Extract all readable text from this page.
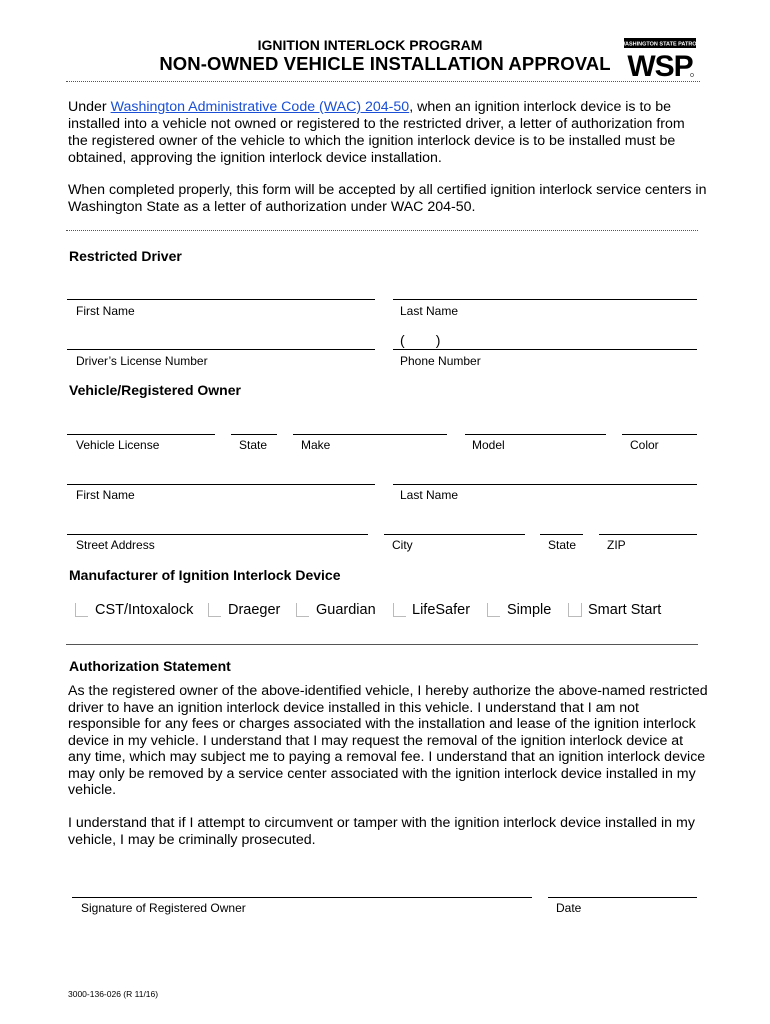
IGNITION INTERLOCK PROGRAM
NON-OWNED VEHICLE INSTALLATION APPROVAL
WASHINGTON STATE PATROL
WSP
Under Washington Administrative Code (WAC) 204-50, when an ignition interlock device is to be installed into a vehicle not owned or registered to the restricted driver, a letter of authorization from the registered owner of the vehicle to which the ignition interlock device is to be installed must be obtained, approving the ignition interlock device installation.
When completed properly, this form will be accepted by all certified ignition interlock service centers in Washington State as a letter of authorization under WAC 204-50.
Restricted Driver
First Name	Last Name
(        )
Driver’s License Number	Phone Number
Vehicle/Registered Owner
Vehicle License	State	Make	Model	Color
First Name	Last Name
Street Address	City	State	ZIP
Manufacturer of Ignition Interlock Device
CST/Intoxalock Draeger Guardian	LifeSafer	Simple	Smart Start
Authorization Statement
As the registered owner of the above-identified vehicle, I hereby authorize the above-named restricted driver to have an ignition interlock device installed in this vehicle. I understand that I am not responsible for any fees or charges associated with the installation and lease of the ignition interlock device in my vehicle. I understand that I may request the removal of the ignition interlock device at any time, which may subject me to paying a removal fee. I understand that an ignition interlock device may only be removed by a service center associated with the ignition interlock device installed in my vehicle.
I understand that if I attempt to circumvent or tamper with the ignition interlock device installed in my vehicle, I may be criminally prosecuted.
Signature of Registered Owner	Date
3000-136-026 (R 11/16)
